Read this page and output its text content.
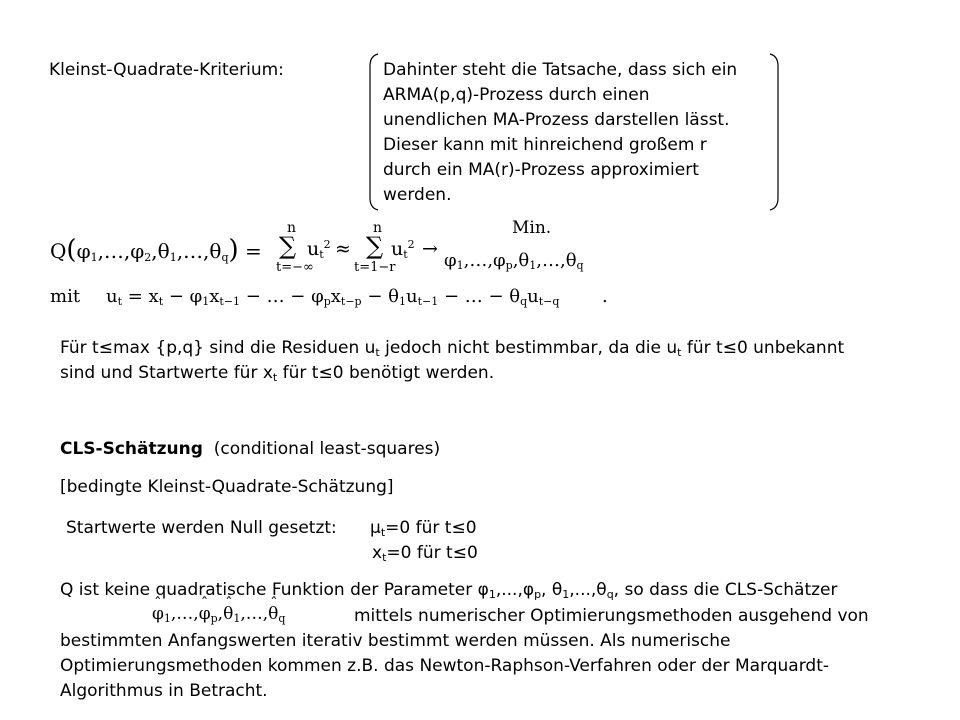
Kleinst-Quadrate-Kriterium:	Dahinter steht die Tatsache, dass sich ein
ARMA(p,q)-Prozess durch einen
unendlichen MA-Prozess darstellen lässt.
Dieser kann mit hinreichend großem r
durch ein MA(r)-Prozess approximiert
werden.
$Q(\varphi_1,\dots,\varphi_2,\theta_1,\dots,\theta_q)$ =
n
∑
t=−∞
$u_t^2$ ≈
n
∑
t=1−r
$u_t^2$ →
Min.
$\varphi_1,\dots,\varphi_p,\theta_1,\dots,\theta_q$
mit $u_t = x_t - \varphi_1x_{t-1}$ − … − $\varphi_px_{t-p} - \theta_1u_{t-1}$ − … − $\theta_qu_{t-q}$ .
Für t≤max {p,q} sind die Residuen $u_t$ jedoch nicht bestimmbar, da die $u_t$ für t≤0 unbekannt
sind und Startwerte für $x_t$ für t≤0 benötigt werden.
CLS-Schätzung (conditional least-squares)
[bedingte Kleinst-Quadrate-Schätzung]
Startwerte werden Null gesetzt: $\mu_t=0$ für t≤0
$x_t=0$ für t≤0
Q ist keine quadratische Funktion der Parameter $\varphi_1,...,\varphi_p$, $\theta_1,...,\theta_q$, so dass die CLS-Schätzer
ˆ $\varphi_1,\dots,ˆ$ $\varphi_p,ˆ$ $\theta_1,\dots,ˆ$ $\theta_q$	mittels numerischer Optimierungsmethoden ausgehend von
bestimmten Anfangswerten iterativ bestimmt werden müssen. Als numerische
Optimierungsmethoden kommen z.B. das Newton-Raphson-Verfahren oder der Marquardt-
Algorithmus in Betracht.
